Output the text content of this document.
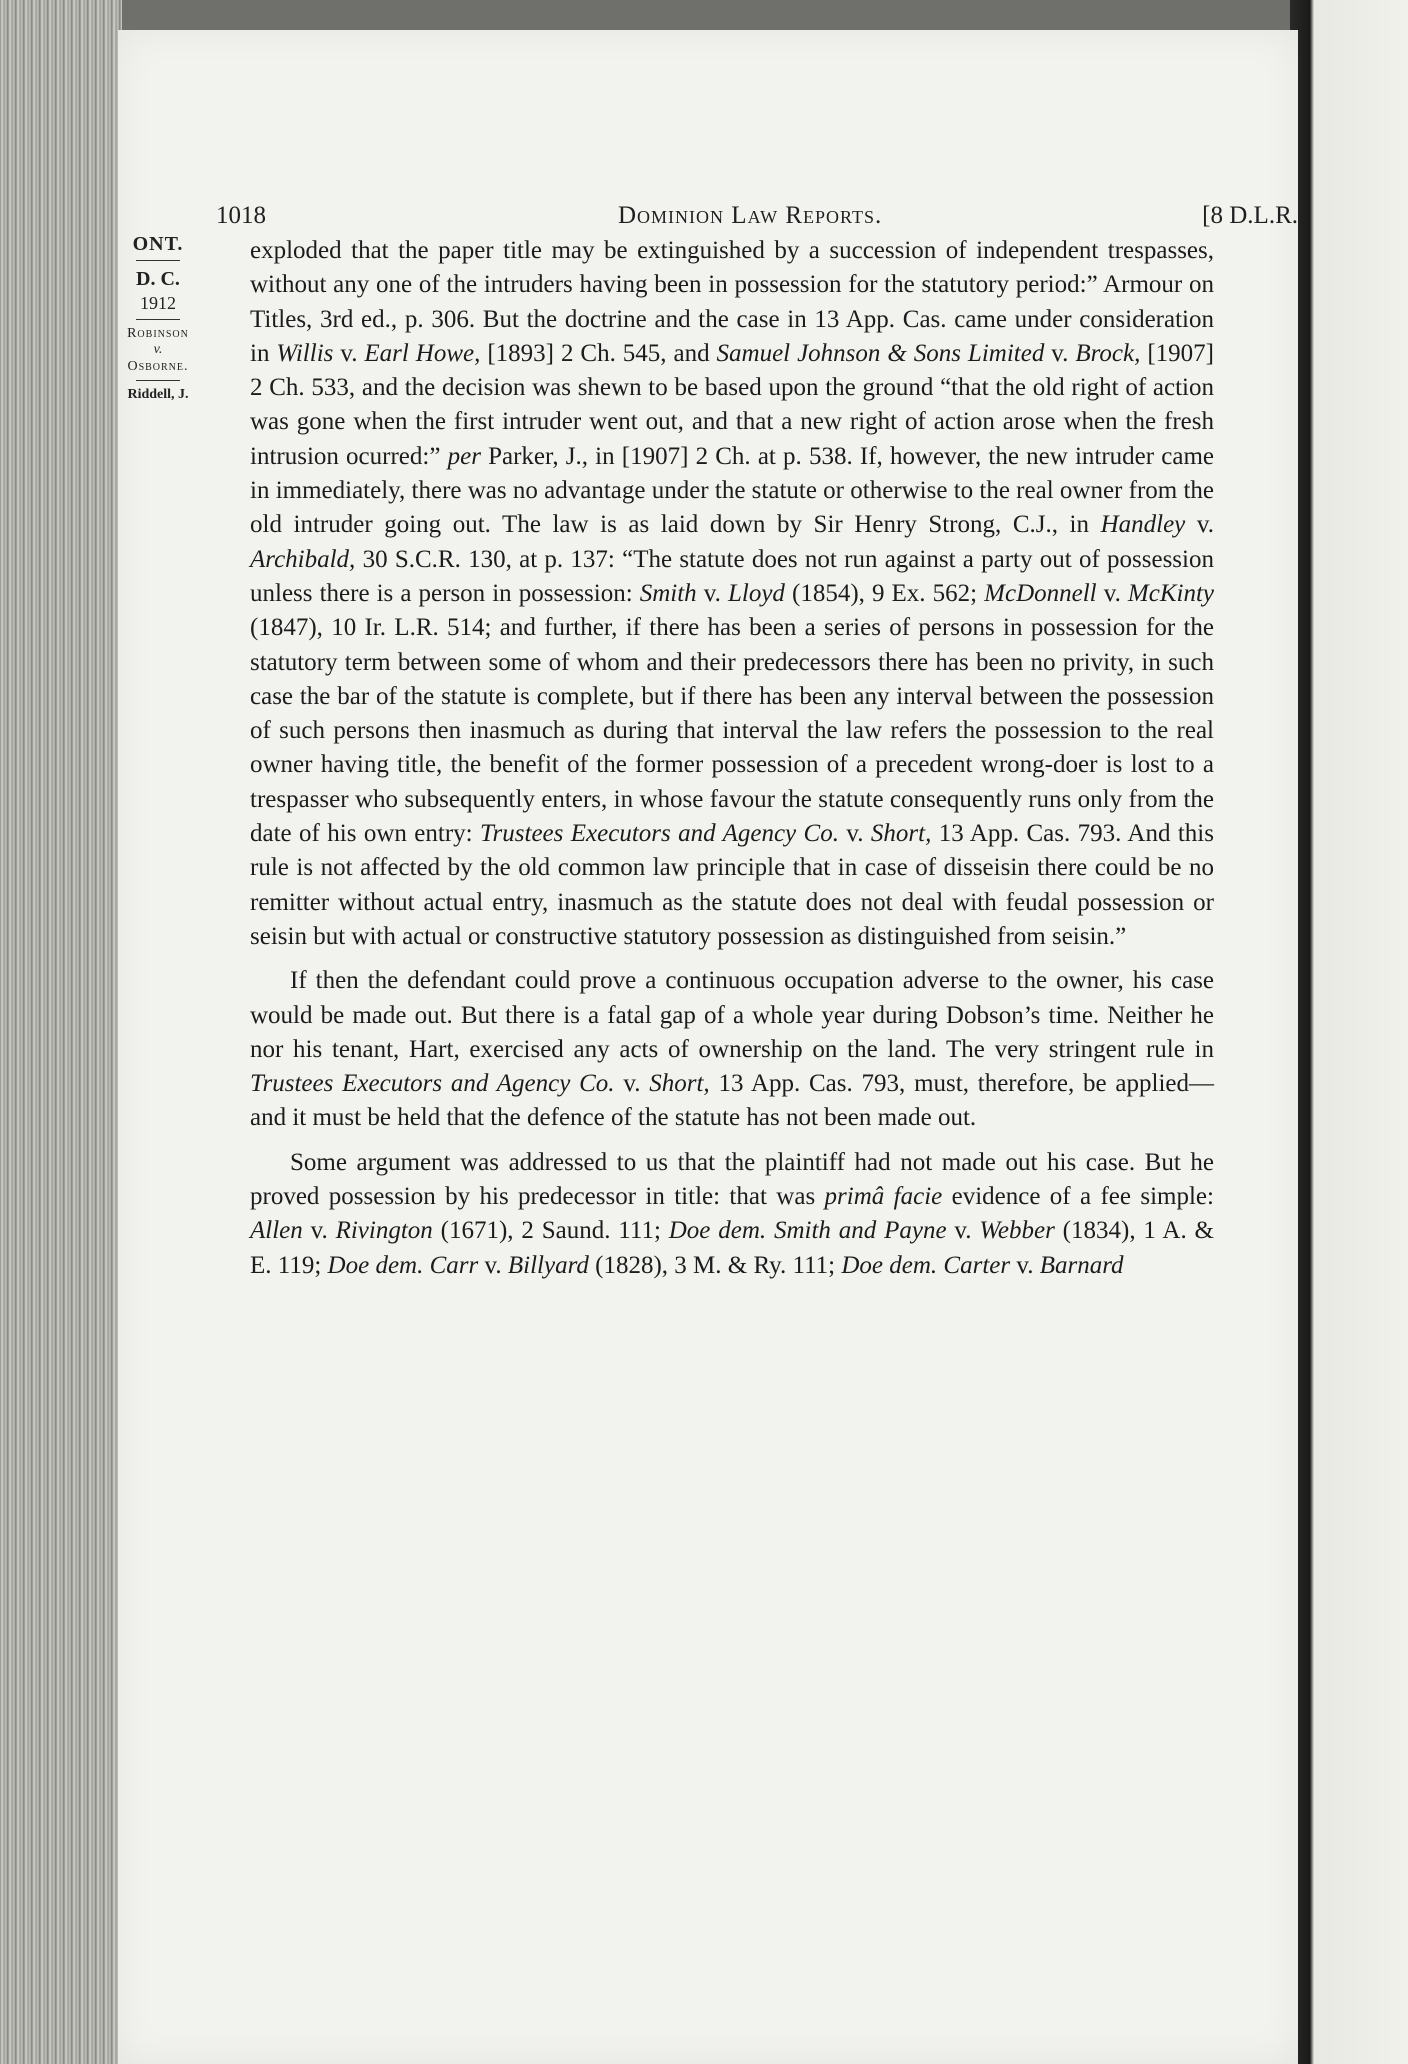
1018	Dominion Law Reports.	[8 D.L.R.
ONT.
D. C.
1912
Robinson
v.
Osborne.
Riddell, J.

exploded that the paper title may be extinguished by a succession of independent trespasses, without any one of the intruders having been in possession for the statutory period:” Armour on Titles, 3rd ed., p. 306. But the doctrine and the case in 13 App. Cas. came under consideration in Willis v. Earl Howe, [1893] 2 Ch. 545, and Samuel Johnson & Sons Limited v. Brock, [1907] 2 Ch. 533, and the decision was shewn to be based upon the ground “that the old right of action was gone when the first intruder went out, and that a new right of action arose when the fresh intrusion ocurred:” per Parker, J., in [1907] 2 Ch. at p. 538. If, however, the new intruder came in immediately, there was no advantage under the statute or otherwise to the real owner from the old intruder going out. The law is as laid down by Sir Henry Strong, C.J., in Handley v. Archibald, 30 S.C.R. 130, at p. 137: “The statute does not run against a party out of possession unless there is a person in possession: Smith v. Lloyd (1854), 9 Ex. 562; McDonnell v. McKinty (1847), 10 Ir. L.R. 514; and further, if there has been a series of persons in possession for the statutory term between some of whom and their predecessors there has been no privity, in such case the bar of the statute is complete, but if there has been any interval between the possession of such persons then inasmuch as during that interval the law refers the possession to the real owner having title, the benefit of the former possession of a precedent wrong-doer is lost to a trespasser who subsequently enters, in whose favour the statute consequently runs only from the date of his own entry: Trustees Executors and Agency Co. v. Short, 13 App. Cas. 793. And this rule is not affected by the old common law principle that in case of disseisin there could be no remitter without actual entry, inasmuch as the statute does not deal with feudal possession or seisin but with actual or constructive statutory possession as distinguished from seisin.”

If then the defendant could prove a continuous occupation adverse to the owner, his case would be made out. But there is a fatal gap of a whole year during Dobson’s time. Neither he nor his tenant, Hart, exercised any acts of ownership on the land. The very stringent rule in Trustees Executors and Agency Co. v. Short, 13 App. Cas. 793, must, therefore, be applied—and it must be held that the defence of the statute has not been made out.

Some argument was addressed to us that the plaintiff had not made out his case. But he proved possession by his predecessor in title: that was primâ facie evidence of a fee simple: Allen v. Rivington (1671), 2 Saund. 111; Doe dem. Smith and Payne v. Webber (1834), 1 A. & E. 119; Doe dem. Carr v. Billyard (1828), 3 M. & Ry. 111; Doe dem. Carter v. Barnard
